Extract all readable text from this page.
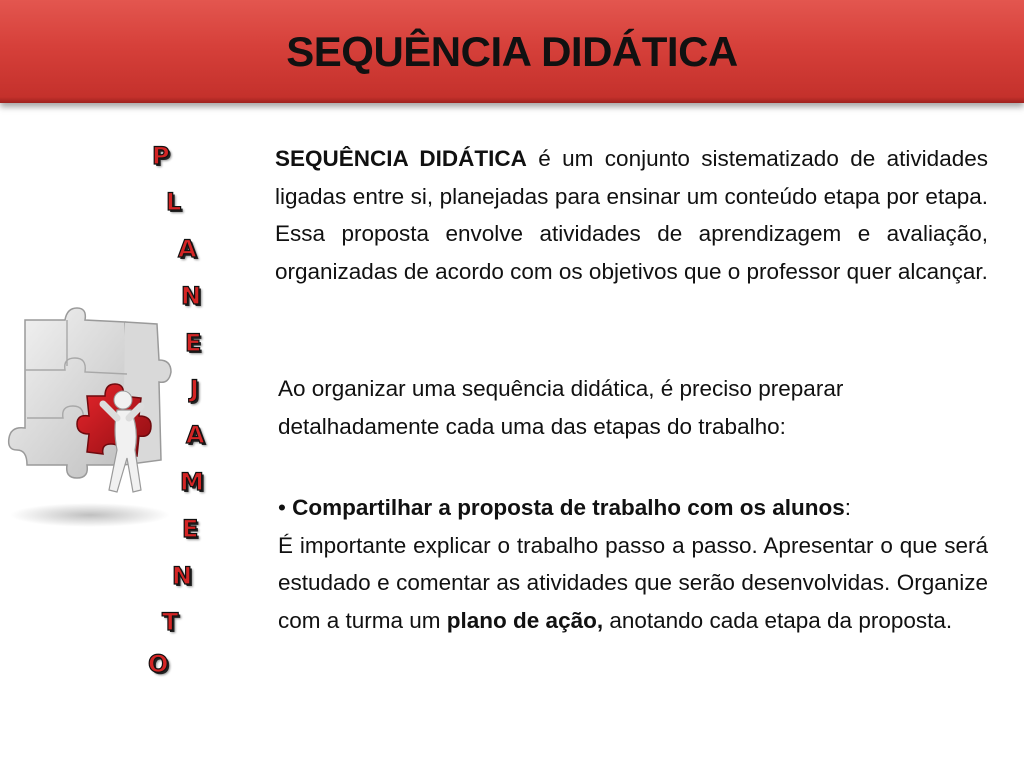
SEQUÊNCIA DIDÁTICA
P
L
A
N
E
J
A
M
E
N
T
O

SEQUÊNCIA DIDÁTICA é um conjunto sistematizado de atividades ligadas entre si, planejadas para ensinar um conteúdo etapa por etapa. Essa proposta envolve atividades de aprendizagem e avaliação, organizadas de acordo com os objetivos que o professor quer alcançar.

Ao organizar uma sequência didática, é preciso preparar detalhadamente cada uma das etapas do trabalho:

• Compartilhar a proposta de trabalho com os alunos:
É importante explicar o trabalho passo a passo. Apresentar o que será estudado e comentar as atividades que serão desenvolvidas. Organize com a turma um plano de ação, anotando cada etapa da proposta.
